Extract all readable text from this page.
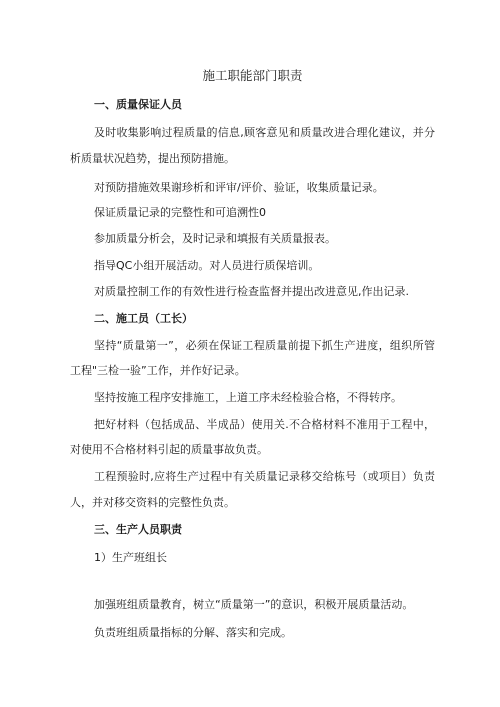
施工职能部门职责

一、质量保证人员

及时收集影响过程质量的信息,顾客意见和质量改进合理化建议，并分

析质量状况趋势，提出预防措施。

对预防措施效果谢珍析和评审/评价、验证，收集质量记录。

保证质量记录的完整性和可追溯性0

参加质量分析会，及时记录和填报有关质量报表。

指导QC小组开展活动。对人员进行质保培训。

对质量控制工作的有效性进行检查监督并提出改进意见,作出记录.

二、施工员（工长）

坚持“质量第一”，必须在保证工程质量前提下抓生产进度，组织所管

工程"三检一验”工作，并作好记录。

坚持按施工程序安排施工，上道工序未经检验合格，不得转序。

把好材料（包括成品、半成品）使用关.不合格材料不准用于工程中，

对使用不合格材料引起的质量事故负责。

工程预验时,应将生产过程中有关质量记录移交给栋号（或项目）负责

人，并对移交资料的完整性负责。

三、生产人员职责

1）生产班组长

加强班组质量教育，树立“质量第一”的意识，积极开展质量活动。

负责班组质量指标的分解、落实和完成。
